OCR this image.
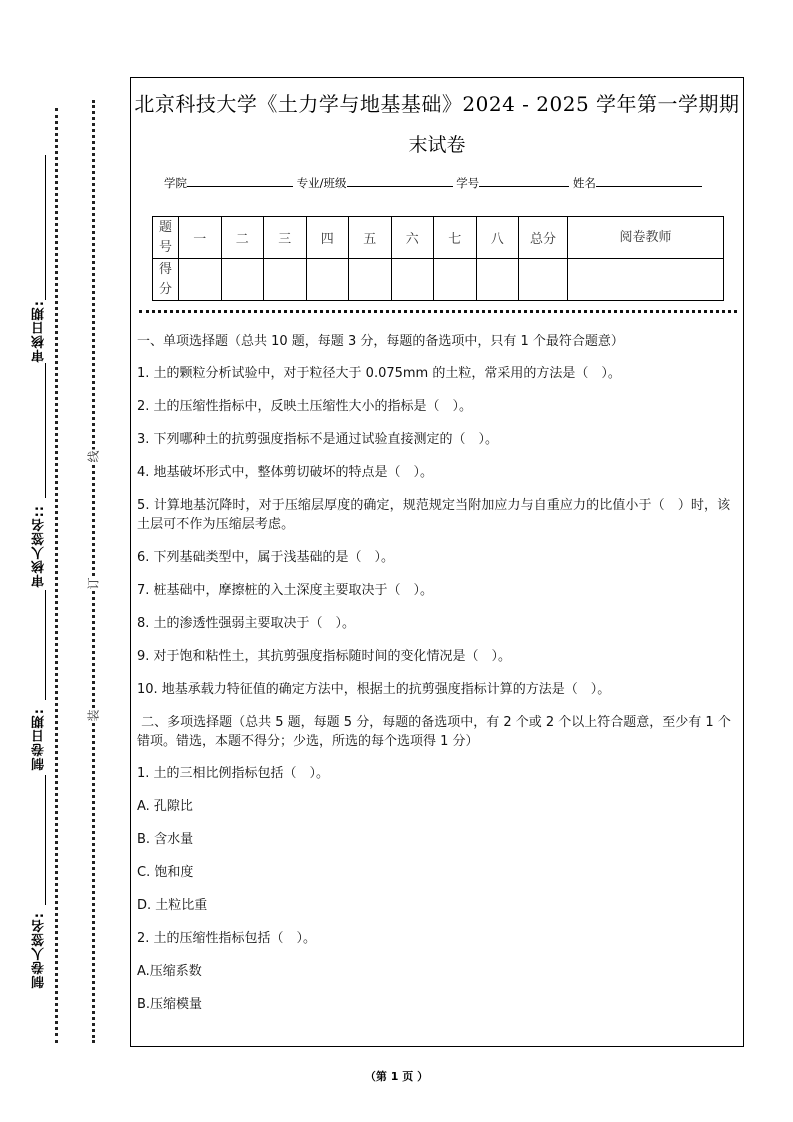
审核日期:
审核人签名::
制卷日期:
制卷人签名:
线
订
装
北京科技大学《土力学与地基基础》2024 - 2025 学年第一学期期
末试卷
学院	专业/班级	学号	姓名
题号	一	二	三	四	五	六	七	八	总分	阅卷教师
得分										

一、单项选择题（总共 10 题，每题 3 分，每题的备选项中，只有 1 个最符合题意）

1. 土的颗粒分析试验中，对于粒径大于 0.075mm 的土粒，常采用的方法是（　）。

2. 土的压缩性指标中，反映土压缩性大小的指标是（　）。

3. 下列哪种土的抗剪强度指标不是通过试验直接测定的（　）。

4. 地基破坏形式中，整体剪切破坏的特点是（　）。

5. 计算地基沉降时，对于压缩层厚度的确定，规范规定当附加应力与自重应力的比值小于（　）时，该土层可不作为压缩层考虑。

6. 下列基础类型中，属于浅基础的是（　）。

7. 桩基础中，摩擦桩的入土深度主要取决于（　）。

8. 土的渗透性强弱主要取决于（　）。

9. 对于饱和粘性土，其抗剪强度指标随时间的变化情况是（　）。

10. 地基承载力特征值的确定方法中，根据土的抗剪强度指标计算的方法是（　）。

二、多项选择题（总共 5 题，每题 5 分，每题的备选项中，有 2 个或 2 个以上符合题意，至少有 1 个错项。错选，本题不得分；少选，所选的每个选项得 1 分）

1. 土的三相比例指标包括（　）。

A. 孔隙比

B. 含水量

C. 饱和度

D. 土粒比重

2. 土的压缩性指标包括（　）。

A.压缩系数

B.压缩模量

（第 1 页 ）
